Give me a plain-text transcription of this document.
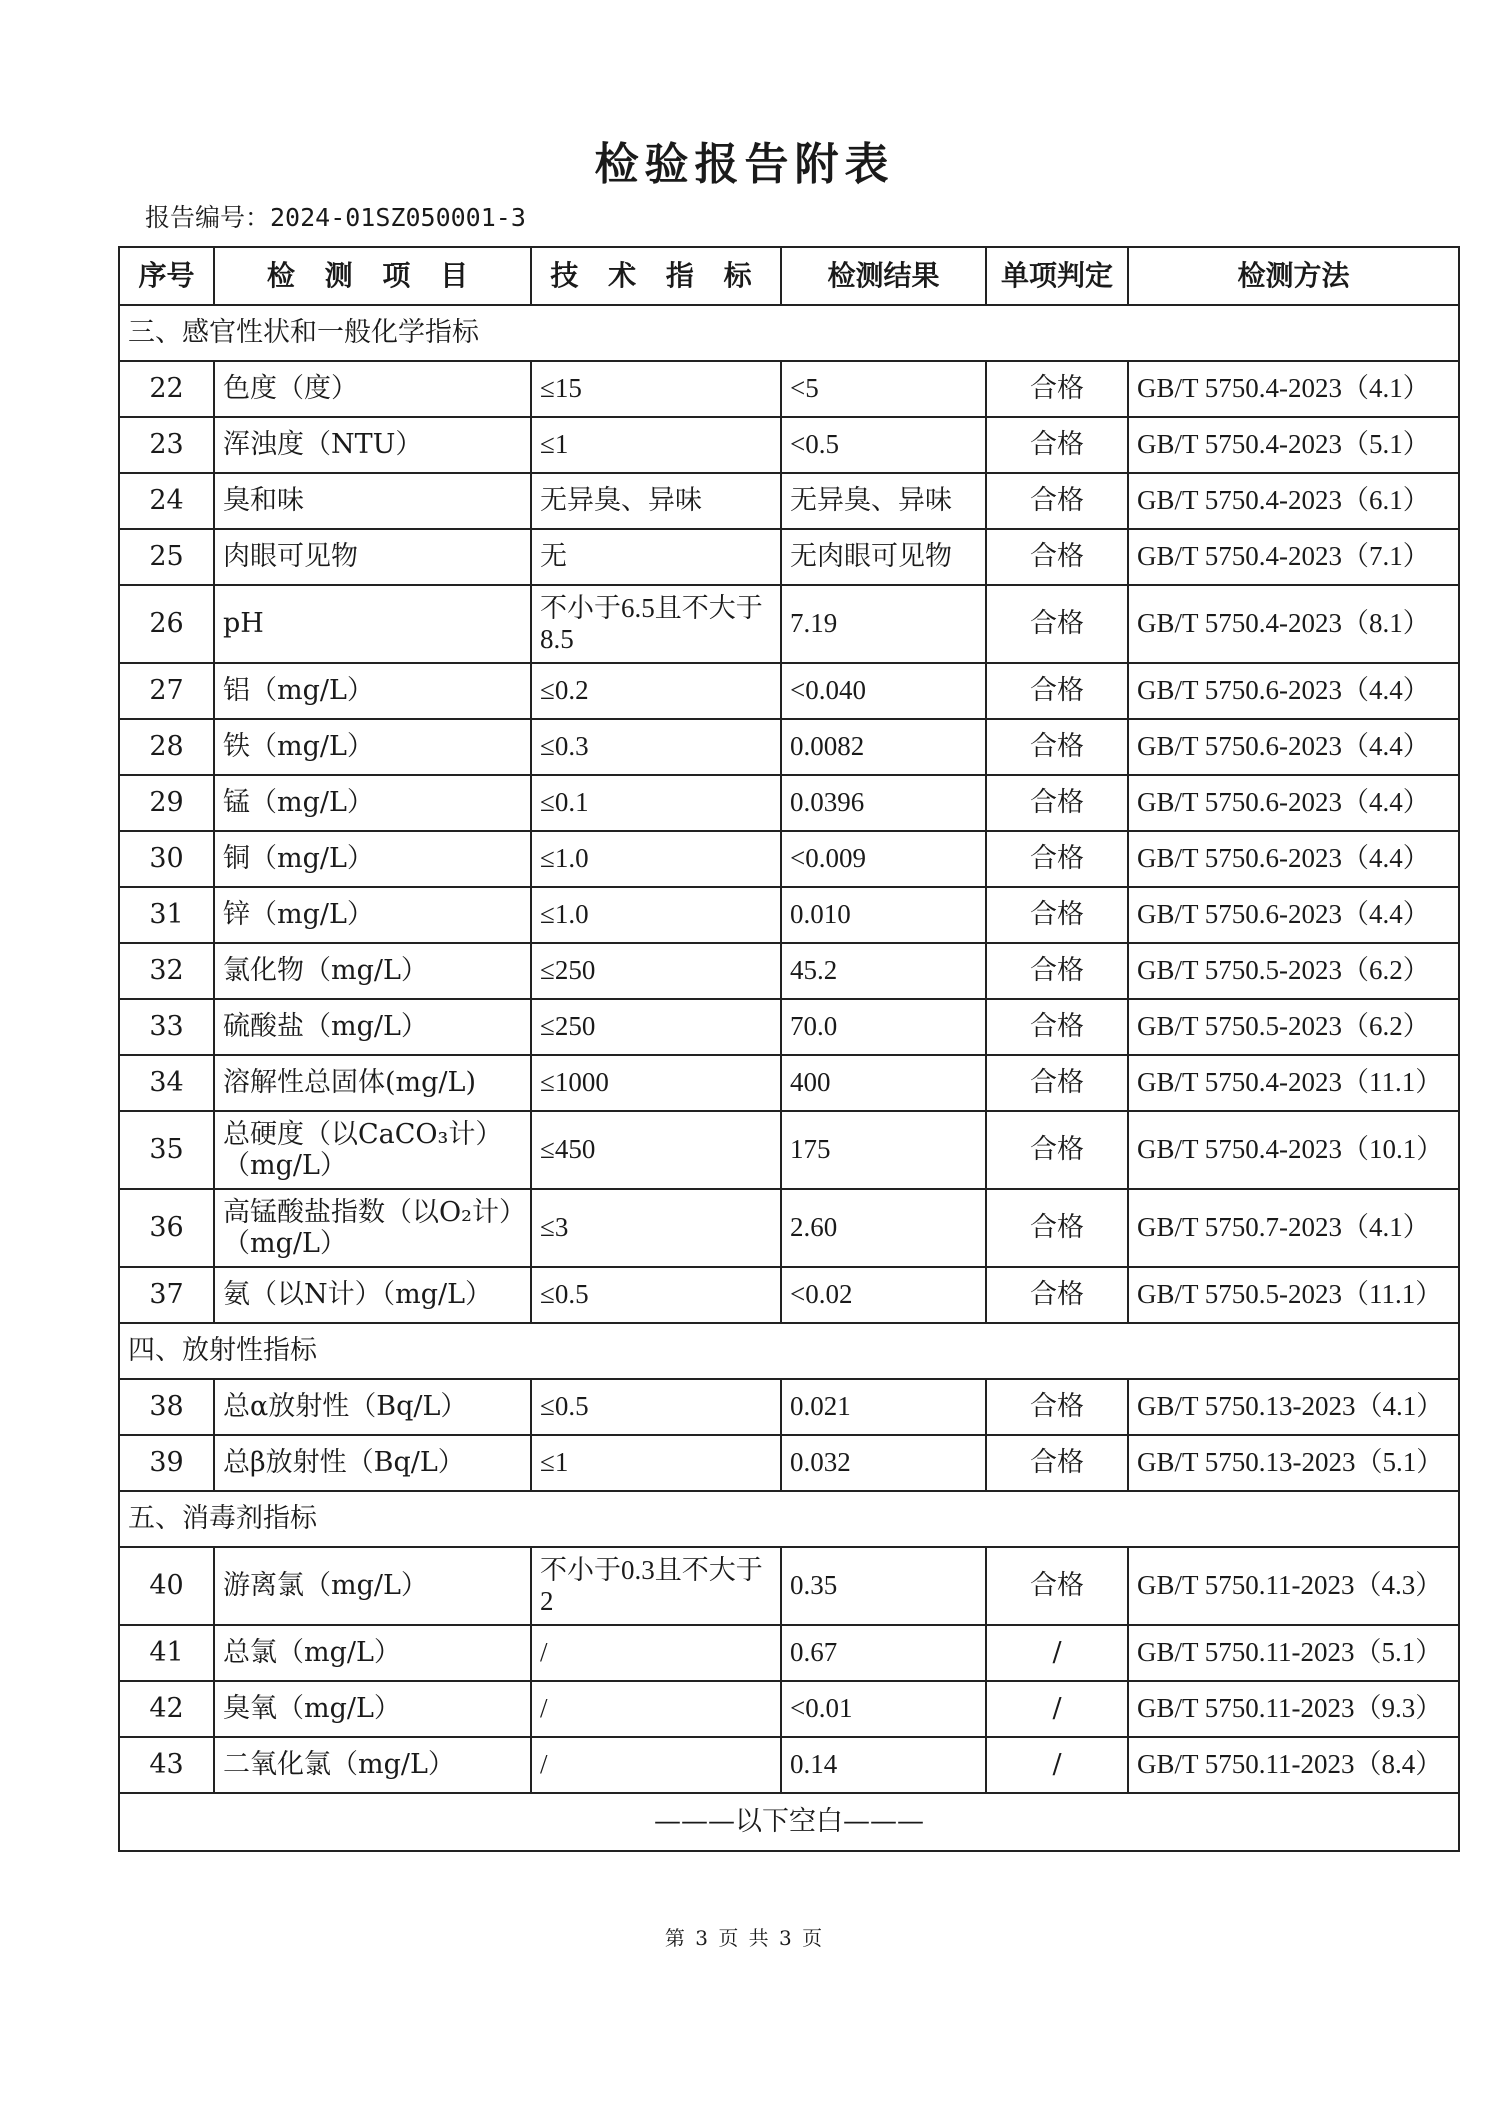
检验报告附表
报告编号：2024-01SZ050001-3
序号	检 测 项 目	技 术 指 标	检测结果	单项判定	检测方法
三、感官性状和一般化学指标					
22	色度（度）	≤15	<5	合格	GB/T 5750.4-2023（4.1）
23	浑浊度（NTU）	≤1	<0.5	合格	GB/T 5750.4-2023（5.1）
24	臭和味	无异臭、异味	无异臭、异味	合格	GB/T 5750.4-2023（6.1）
25	肉眼可见物	无	无肉眼可见物	合格	GB/T 5750.4-2023（7.1）
26	pH	不小于6.5且不大于8.5	7.19	合格	GB/T 5750.4-2023（8.1）
27	铝（mg/L）	≤0.2	<0.040	合格	GB/T 5750.6-2023（4.4）
28	铁（mg/L）	≤0.3	0.0082	合格	GB/T 5750.6-2023（4.4）
29	锰（mg/L）	≤0.1	0.0396	合格	GB/T 5750.6-2023（4.4）
30	铜（mg/L）	≤1.0	<0.009	合格	GB/T 5750.6-2023（4.4）
31	锌（mg/L）	≤1.0	0.010	合格	GB/T 5750.6-2023（4.4）
32	氯化物（mg/L）	≤250	45.2	合格	GB/T 5750.5-2023（6.2）
33	硫酸盐（mg/L）	≤250	70.0	合格	GB/T 5750.5-2023（6.2）
34	溶解性总固体(mg/L)	≤1000	400	合格	GB/T 5750.4-2023（11.1）
35	总硬度（以CaCO₃计）（mg/L）	≤450	175	合格	GB/T 5750.4-2023（10.1）
36	高锰酸盐指数（以O₂计）（mg/L）	≤3	2.60	合格	GB/T 5750.7-2023（4.1）
37	氨（以N计）（mg/L）	≤0.5	<0.02	合格	GB/T 5750.5-2023（11.1）
四、放射性指标					
38	总α放射性（Bq/L）	≤0.5	0.021	合格	GB/T 5750.13-2023（4.1）
39	总β放射性（Bq/L）	≤1	0.032	合格	GB/T 5750.13-2023（5.1）
五、消毒剂指标					
40	游离氯（mg/L）	不小于0.3且不大于2	0.35	合格	GB/T 5750.11-2023（4.3）
41	总氯（mg/L）	/	0.67	/	GB/T 5750.11-2023（5.1）
42	臭氧（mg/L）	/	<0.01	/	GB/T 5750.11-2023（9.3）
43	二氧化氯（mg/L）	/	0.14	/	GB/T 5750.11-2023（8.4）
———以下空白———					
第 3 页 共 3 页
